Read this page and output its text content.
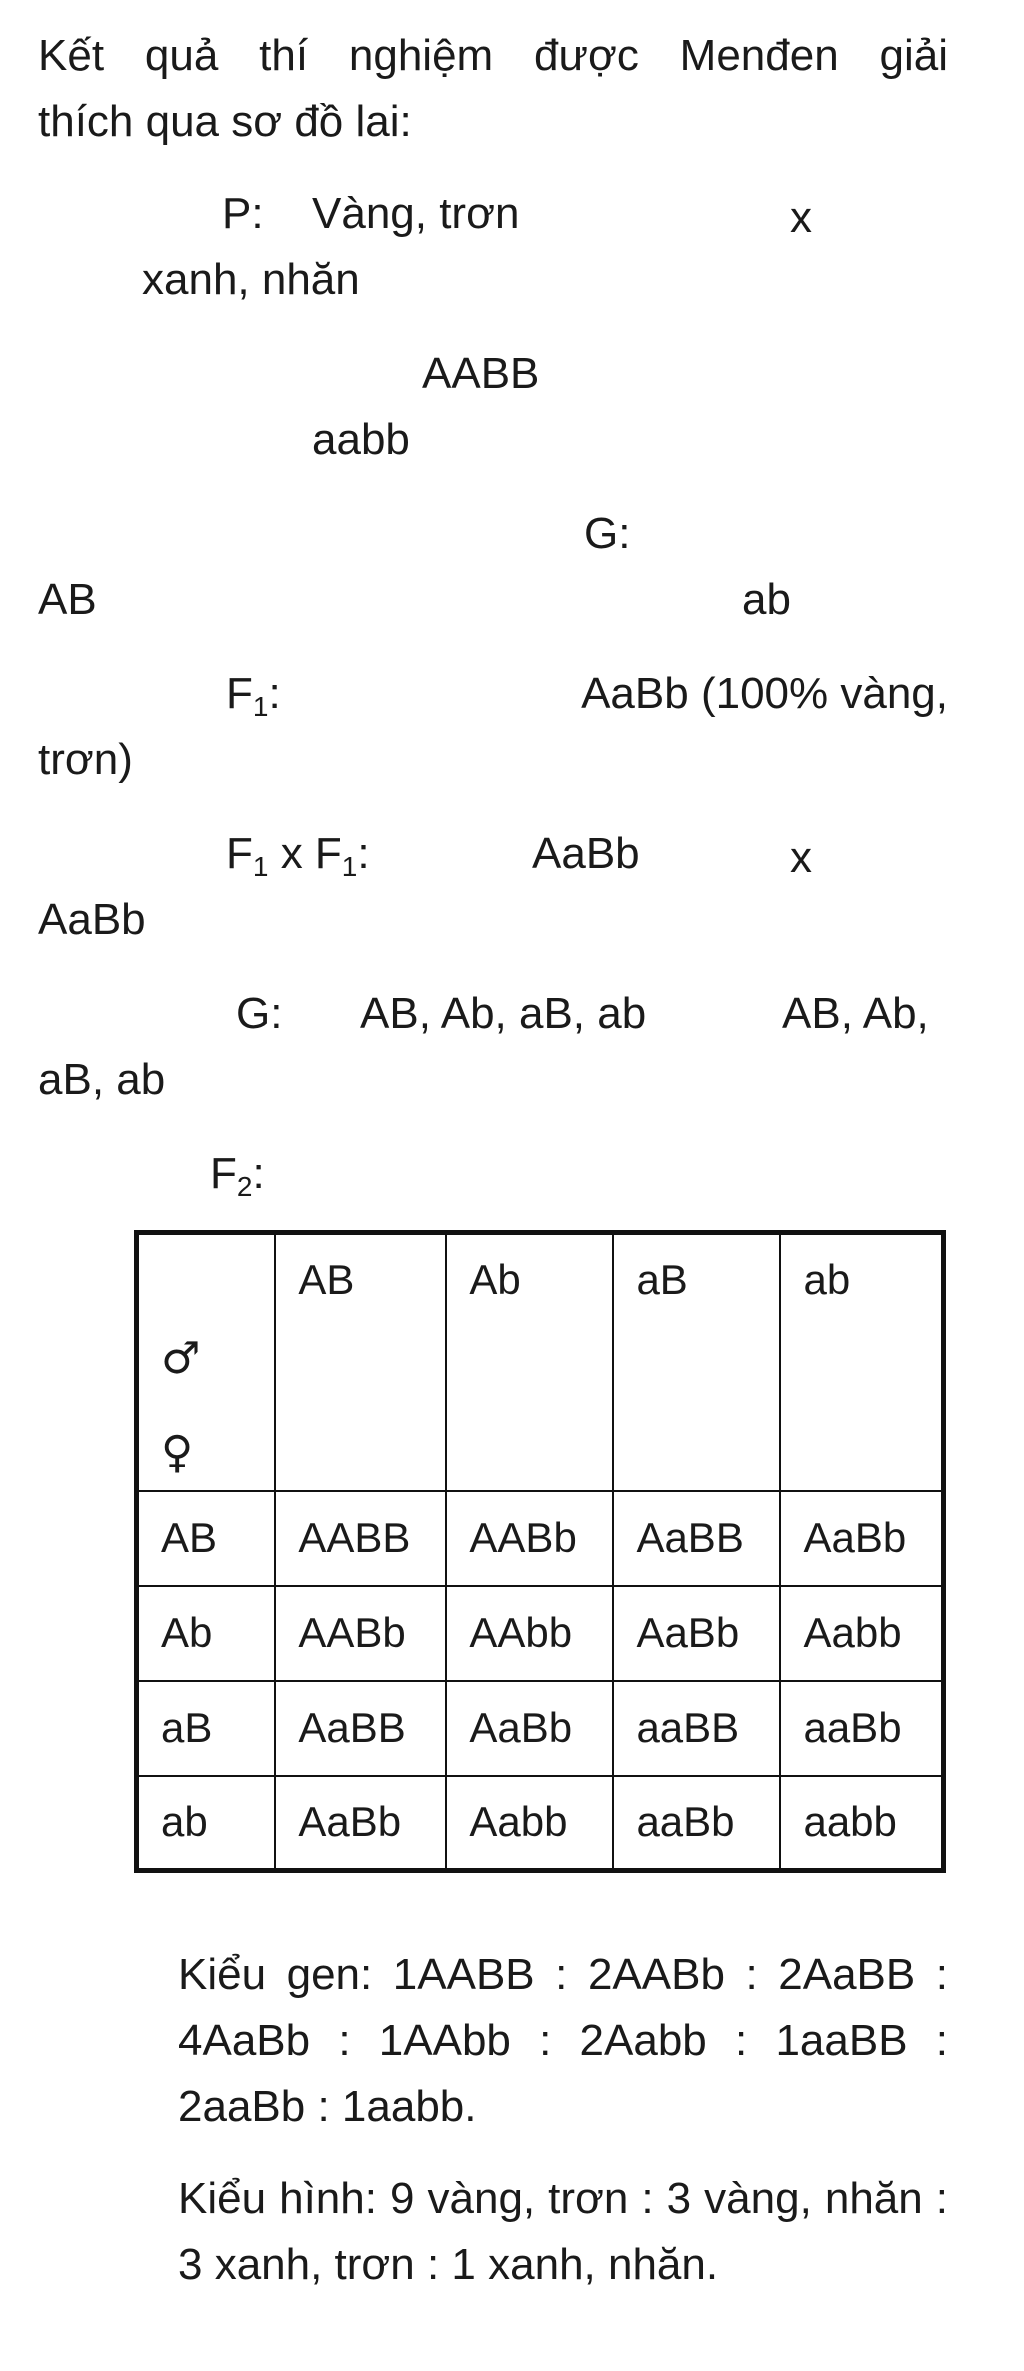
Kết quả thí nghiệm được Menđen giải
thích qua sơ đồ lai:
P: Vàng, trơn	x
xanh, nhăn
AABB
aabb
G:
AB	ab
$F_1$:	AaBb (100% vàng,
trơn)
$F_1$ x $F_1$:	AaBb	x
AaBb
G: AB, Ab, aB, ab	AB, Ab,
aB, ab
$F_2$:
♂
♀	AB	Ab	aB	ab
AB	AABB	AABb	AaBB	AaBb
Ab	AABb	AAbb	AaBb	Aabb
aB	AaBB	AaBb	aaBB	aaBb
ab	AaBb	Aabb	aaBb	aabb
Kiểu gen: 1AABB : 2AABb : 2AaBB : 4AaBb : 1AAbb : 2Aabb : 1aaBB : 2aaBb : 1aabb.
Kiểu hình: 9 vàng, trơn : 3 vàng, nhăn : 3 xanh, trơn : 1 xanh, nhăn.
